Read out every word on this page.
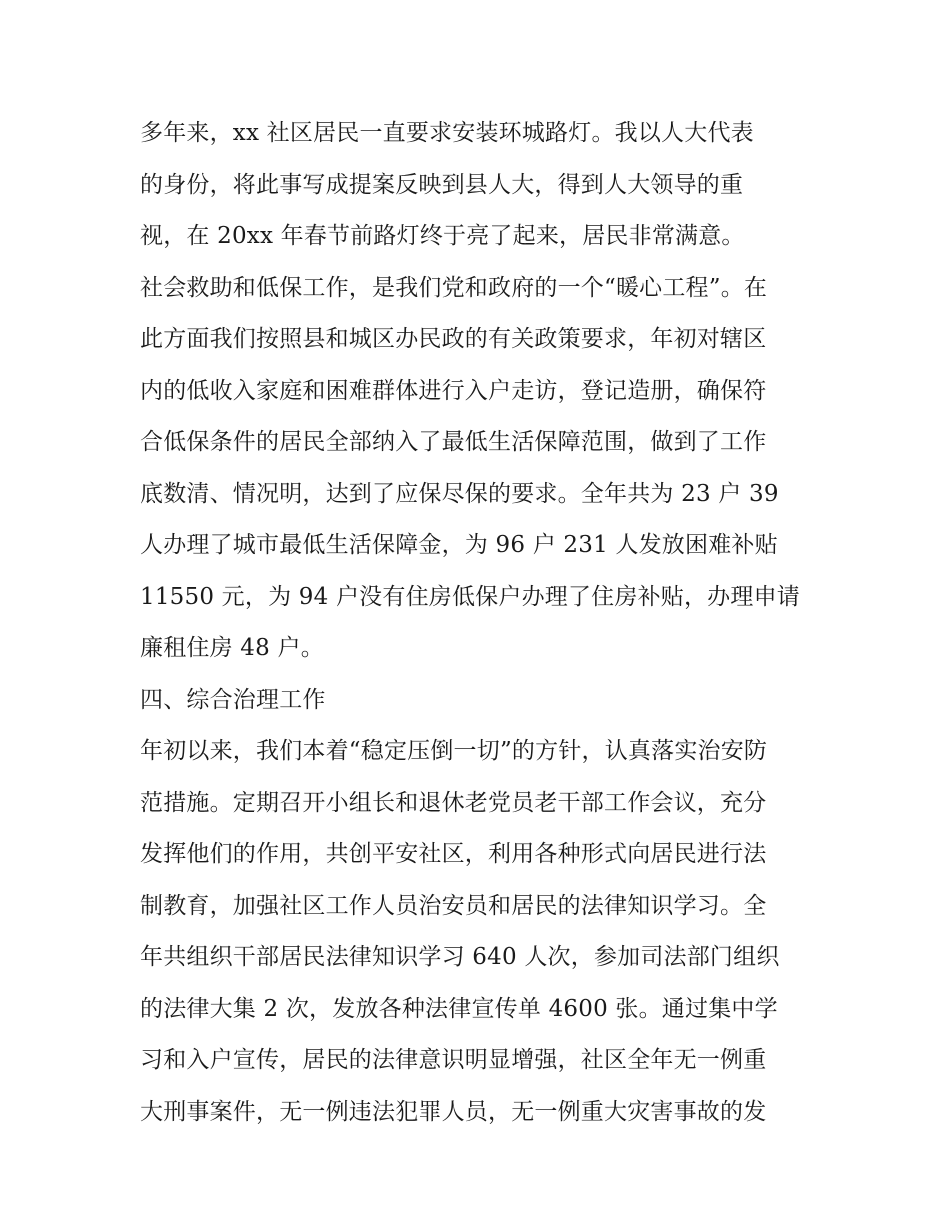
多年来，xx 社区居民一直要求安装环城路灯。我以人大代表
的身份，将此事写成提案反映到县人大，得到人大领导的重
视，在 20xx 年春节前路灯终于亮了起来，居民非常满意。
社会救助和低保工作，是我们党和政府的一个“暖心工程”。在
此方面我们按照县和城区办民政的有关政策要求，年初对辖区
内的低收入家庭和困难群体进行入户走访，登记造册，确保符
合低保条件的居民全部纳入了最低生活保障范围，做到了工作
底数清、情况明，达到了应保尽保的要求。全年共为 23 户 39
人办理了城市最低生活保障金，为 96 户 231 人发放困难补贴
11550 元，为 94 户没有住房低保户办理了住房补贴，办理申请
廉租住房 48 户。
四、综合治理工作
年初以来，我们本着“稳定压倒一切”的方针，认真落实治安防
范措施。定期召开小组长和退休老党员老干部工作会议，充分
发挥他们的作用，共创平安社区，利用各种形式向居民进行法
制教育，加强社区工作人员治安员和居民的法律知识学习。全
年共组织干部居民法律知识学习 640 人次，参加司法部门组织
的法律大集 2 次，发放各种法律宣传单 4600 张。通过集中学
习和入户宣传，居民的法律意识明显增强，社区全年无一例重
大刑事案件，无一例违法犯罪人员，无一例重大灾害事故的发
